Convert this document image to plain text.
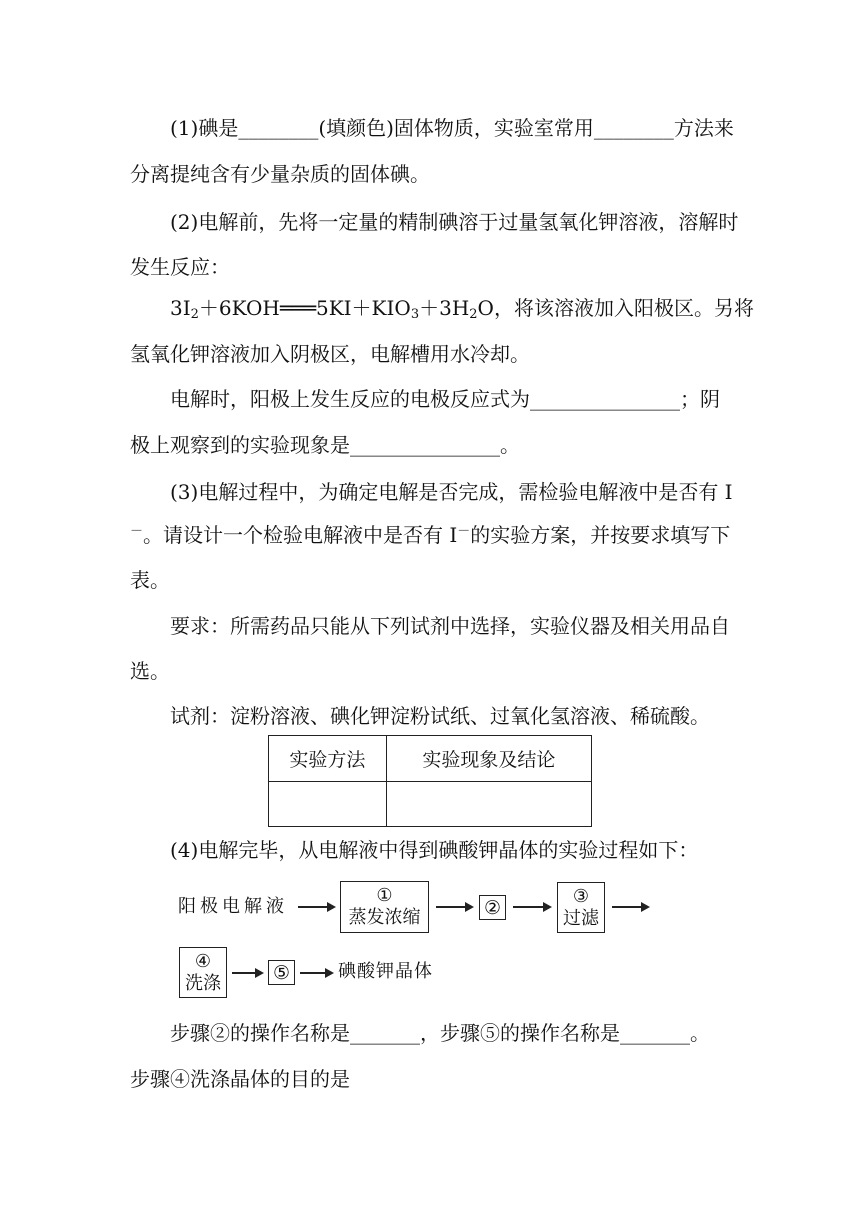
(1)碘是________(填颜色)固体物质，实验室常用________方法来
分离提纯含有少量杂质的固体碘。
(2)电解前，先将一定量的精制碘溶于过量氢氧化钾溶液，溶解时
发生反应：
$3I_2+6KOH═══5KI+KIO_3+3H_2O$，将该溶液加入阳极区。另将
氢氧化钾溶液加入阴极区，电解槽用水冷却。
电解时，阳极上发生反应的电极反应式为_______________；阴
极上观察到的实验现象是_______________。
(3)电解过程中，为确定电解是否完成，需检验电解液中是否有 I
－。请设计一个检验电解液中是否有 I－的实验方案，并按要求填写下
表。
要求：所需药品只能从下列试剂中选择，实验仪器及相关用品自
选。
试剂：淀粉溶液、碘化钾淀粉试纸、过氧化氢溶液、稀硫酸。
实验方法	实验现象及结论

(4)电解完毕，从电解液中得到碘酸钾晶体的实验过程如下：
阳极电解液
①
蒸发浓缩	②
③
过滤
④
洗涤	⑤	碘酸钾晶体
步骤②的操作名称是_______，步骤⑤的操作名称是_______。
步骤④洗涤晶体的目的是
